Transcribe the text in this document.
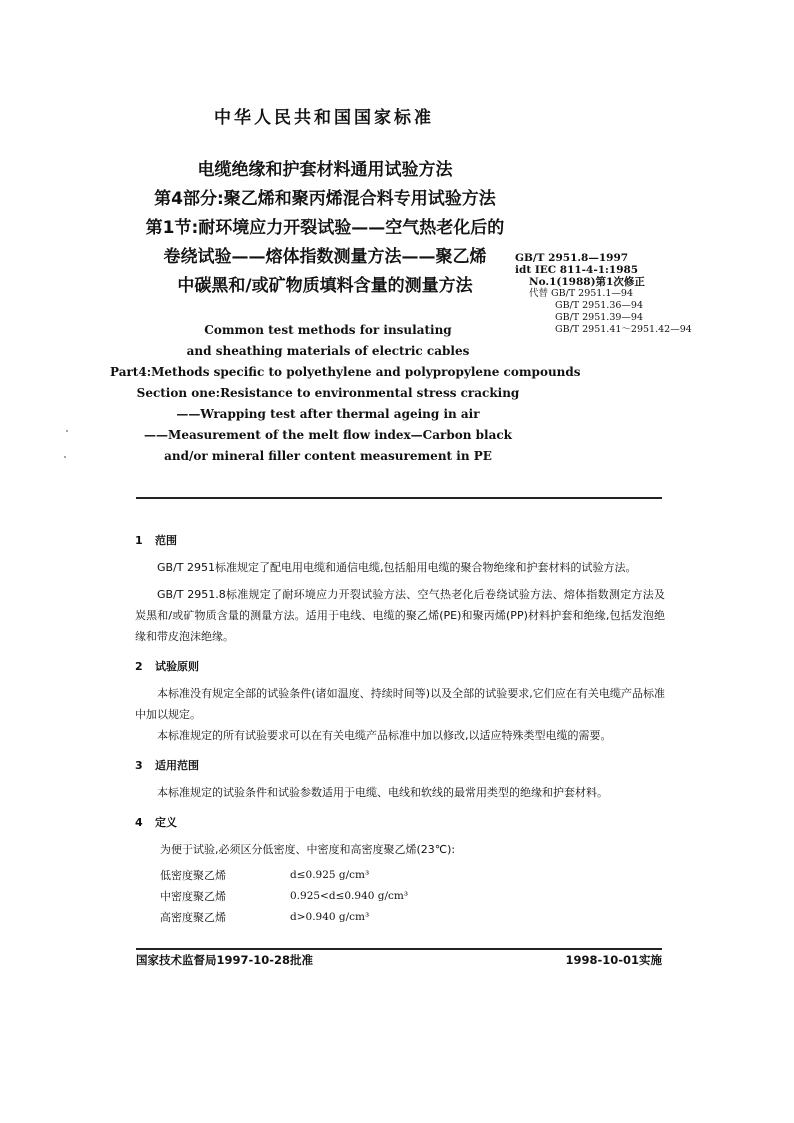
中华人民共和国国家标准
电缆绝缘和护套材料通用试验方法
第4部分:聚乙烯和聚丙烯混合料专用试验方法
第1节:耐环境应力开裂试验——空气热老化后的
卷绕试验——熔体指数测量方法——聚乙烯
中碳黑和/或矿物质填料含量的测量方法
GB/T 2951.8—1997
idt IEC 811-4-1:1985
No.1(1988)第1次修正
代替 GB/T 2951.1—94
GB/T 2951.36—94
GB/T 2951.39—94
GB/T 2951.41～2951.42—94
Common test methods for insulating
and sheathing materials of electric cables
Part4:Methods specific to polyethylene and polypropylene compounds
Section one:Resistance to environmental stress cracking
——Wrapping test after thermal ageing in air
——Measurement of the melt flow index—Carbon black
and/or mineral filler content measurement in PE
1 范围
GB/T 2951标准规定了配电用电缆和通信电缆,包括船用电缆的聚合物绝缘和护套材料的试验方法。
GB/T 2951.8标准规定了耐环境应力开裂试验方法、空气热老化后卷绕试验方法、熔体指数测定方法及炭黑和/或矿物质含量的测量方法。适用于电线、电缆的聚乙烯(PE)和聚丙烯(PP)材料护套和绝缘,包括发泡绝缘和带皮泡沫绝缘。
2 试验原则
本标准没有规定全部的试验条件(诸如温度、持续时间等)以及全部的试验要求,它们应在有关电缆产品标准中加以规定。
本标准规定的所有试验要求可以在有关电缆产品标准中加以修改,以适应特殊类型电缆的需要。
3 适用范围
本标准规定的试验条件和试验参数适用于电缆、电线和软线的最常用类型的绝缘和护套材料。
4 定义
为便于试验,必须区分低密度、中密度和高密度聚乙烯(23℃):
低密度聚乙烯	d≤0.925 g/cm³
中密度聚乙烯	0.925<d≤0.940 g/cm³
高密度聚乙烯	d>0.940 g/cm³
国家技术监督局1997-10-28批准	1998-10-01实施
